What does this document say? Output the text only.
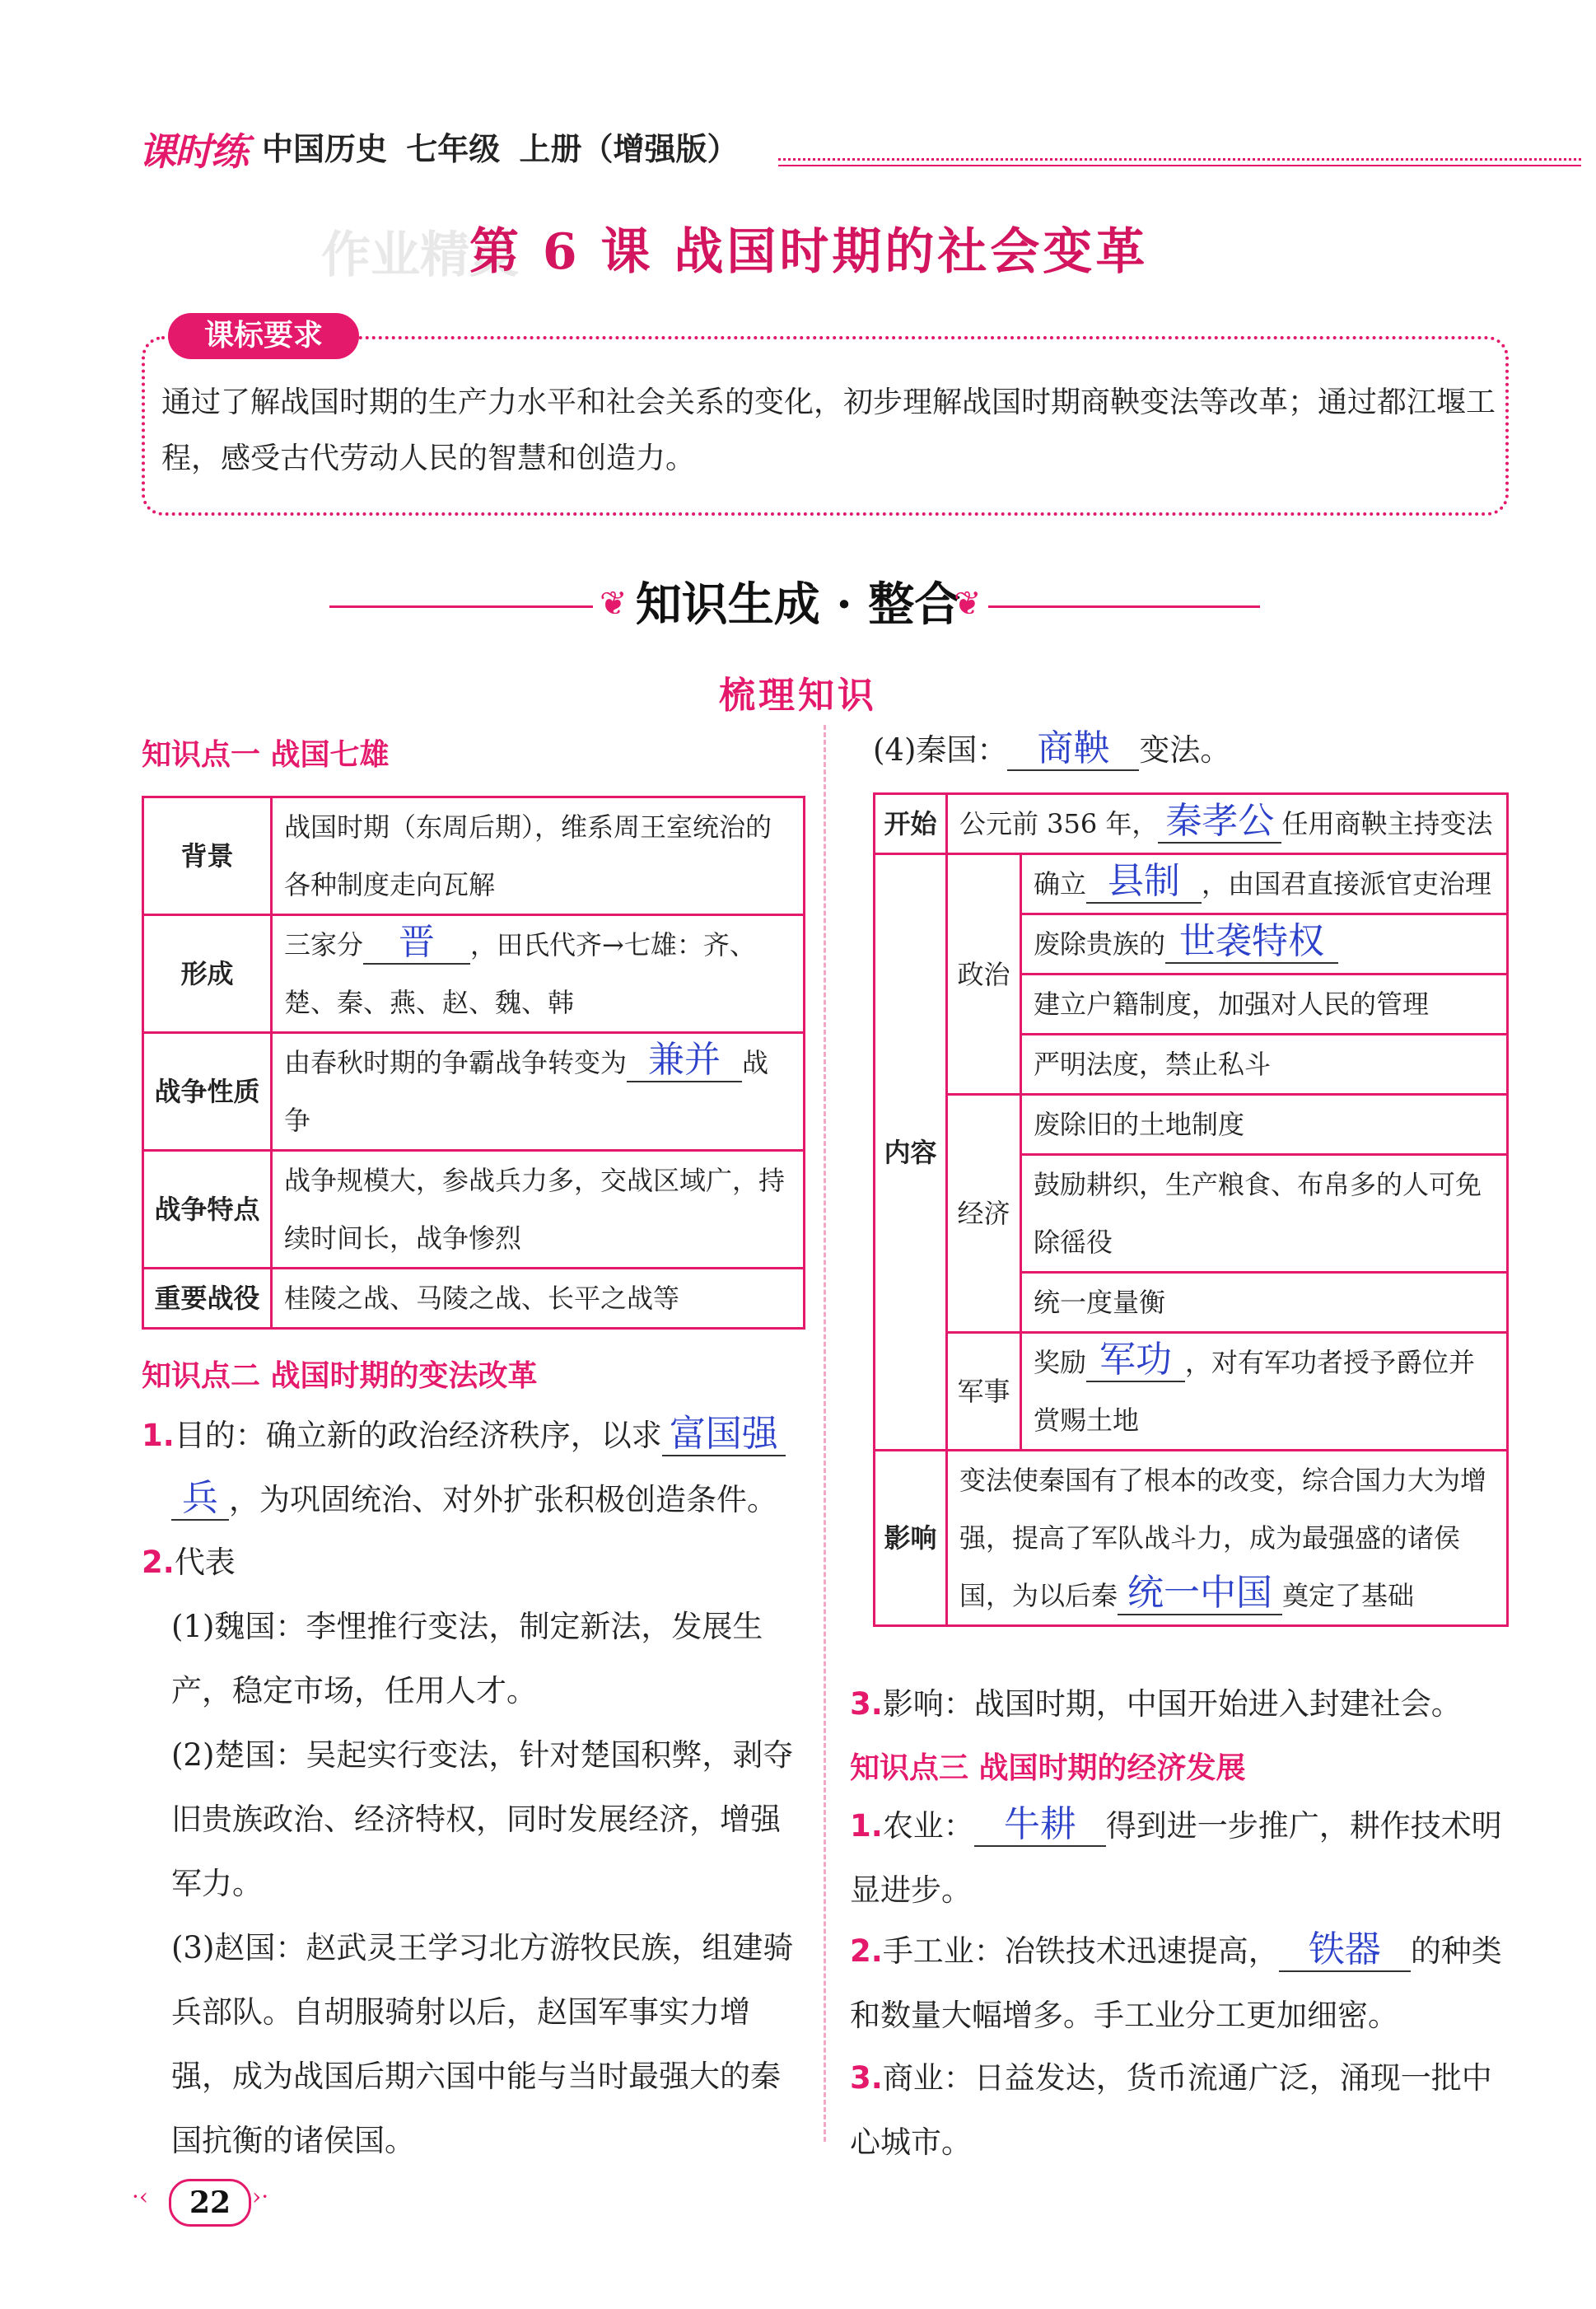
课时练 中国历史 七年级 上册（增强版）
作业精灵
第 6 课 战国时期的社会变革
课标要求
通过了解战国时期的生产力水平和社会关系的变化，初步理解战国时期商鞅变法等改革；通过都江堰工程，感受古代劳动人民的智慧和创造力。
❦ 知识生成 · 整合
❦
梳理知识
知识点一 战国七雄
背景	战国时期（东周后期），维系周王室统治的各种制度走向瓦解
形成	三家分 晋 ，田氏代齐→七雄：齐、楚、秦、燕、赵、魏、韩
战争性质	由春秋时期的争霸战争转变为 兼并 战争
战争特点	战争规模大，参战兵力多，交战区域广，持续时间长，战争惨烈
重要战役	桂陵之战、马陵之战、长平之战等
知识点二 战国时期的变法改革
1.目的：确立新的政治经济秩序，以求 富国强
兵 ，为巩固统治、对外扩张积极创造条件。
2.代表
(1)魏国：李悝推行变法，制定新法，发展生产，稳定市场，任用人才。
(2)楚国：吴起实行变法，针对楚国积弊，剥夺旧贵族政治、经济特权，同时发展经济，增强军力。
(3)赵国：赵武灵王学习北方游牧民族，组建骑兵部队。自胡服骑射以后，赵国军事实力增强，成为战国后期六国中能与当时最强大的秦国抗衡的诸侯国。
(4)秦国： 商鞅 变法。
开始	公元前 356 年， 秦孝公 任用商鞅主持变法	
内容	政治	确立 县制 ，由国君直接派官吏治理
		废除贵族的 世袭特权
		建立户籍制度，加强对人民的管理
		严明法度，禁止私斗
	经济	废除旧的土地制度
		鼓励耕织，生产粮食、布帛多的人可免除徭役
		统一度量衡
	军事	奖励 军功 ，对有军功者授予爵位并赏赐土地
影响	变法使秦国有了根本的改变，综合国力大为增强，提高了军队战斗力，成为最强盛的诸侯国，为以后秦 统一中国 奠定了基础	
3.影响：战国时期，中国开始进入封建社会。
知识点三 战国时期的经济发展
1.农业： 牛耕 得到进一步推广，耕作技术明显进步。
2.手工业：冶铁技术迅速提高， 铁器 的种类和数量大幅增多。手工业分工更加细密。
3.商业：日益发达，货币流通广泛，涌现一批中心城市。
·‹	22 ›·
